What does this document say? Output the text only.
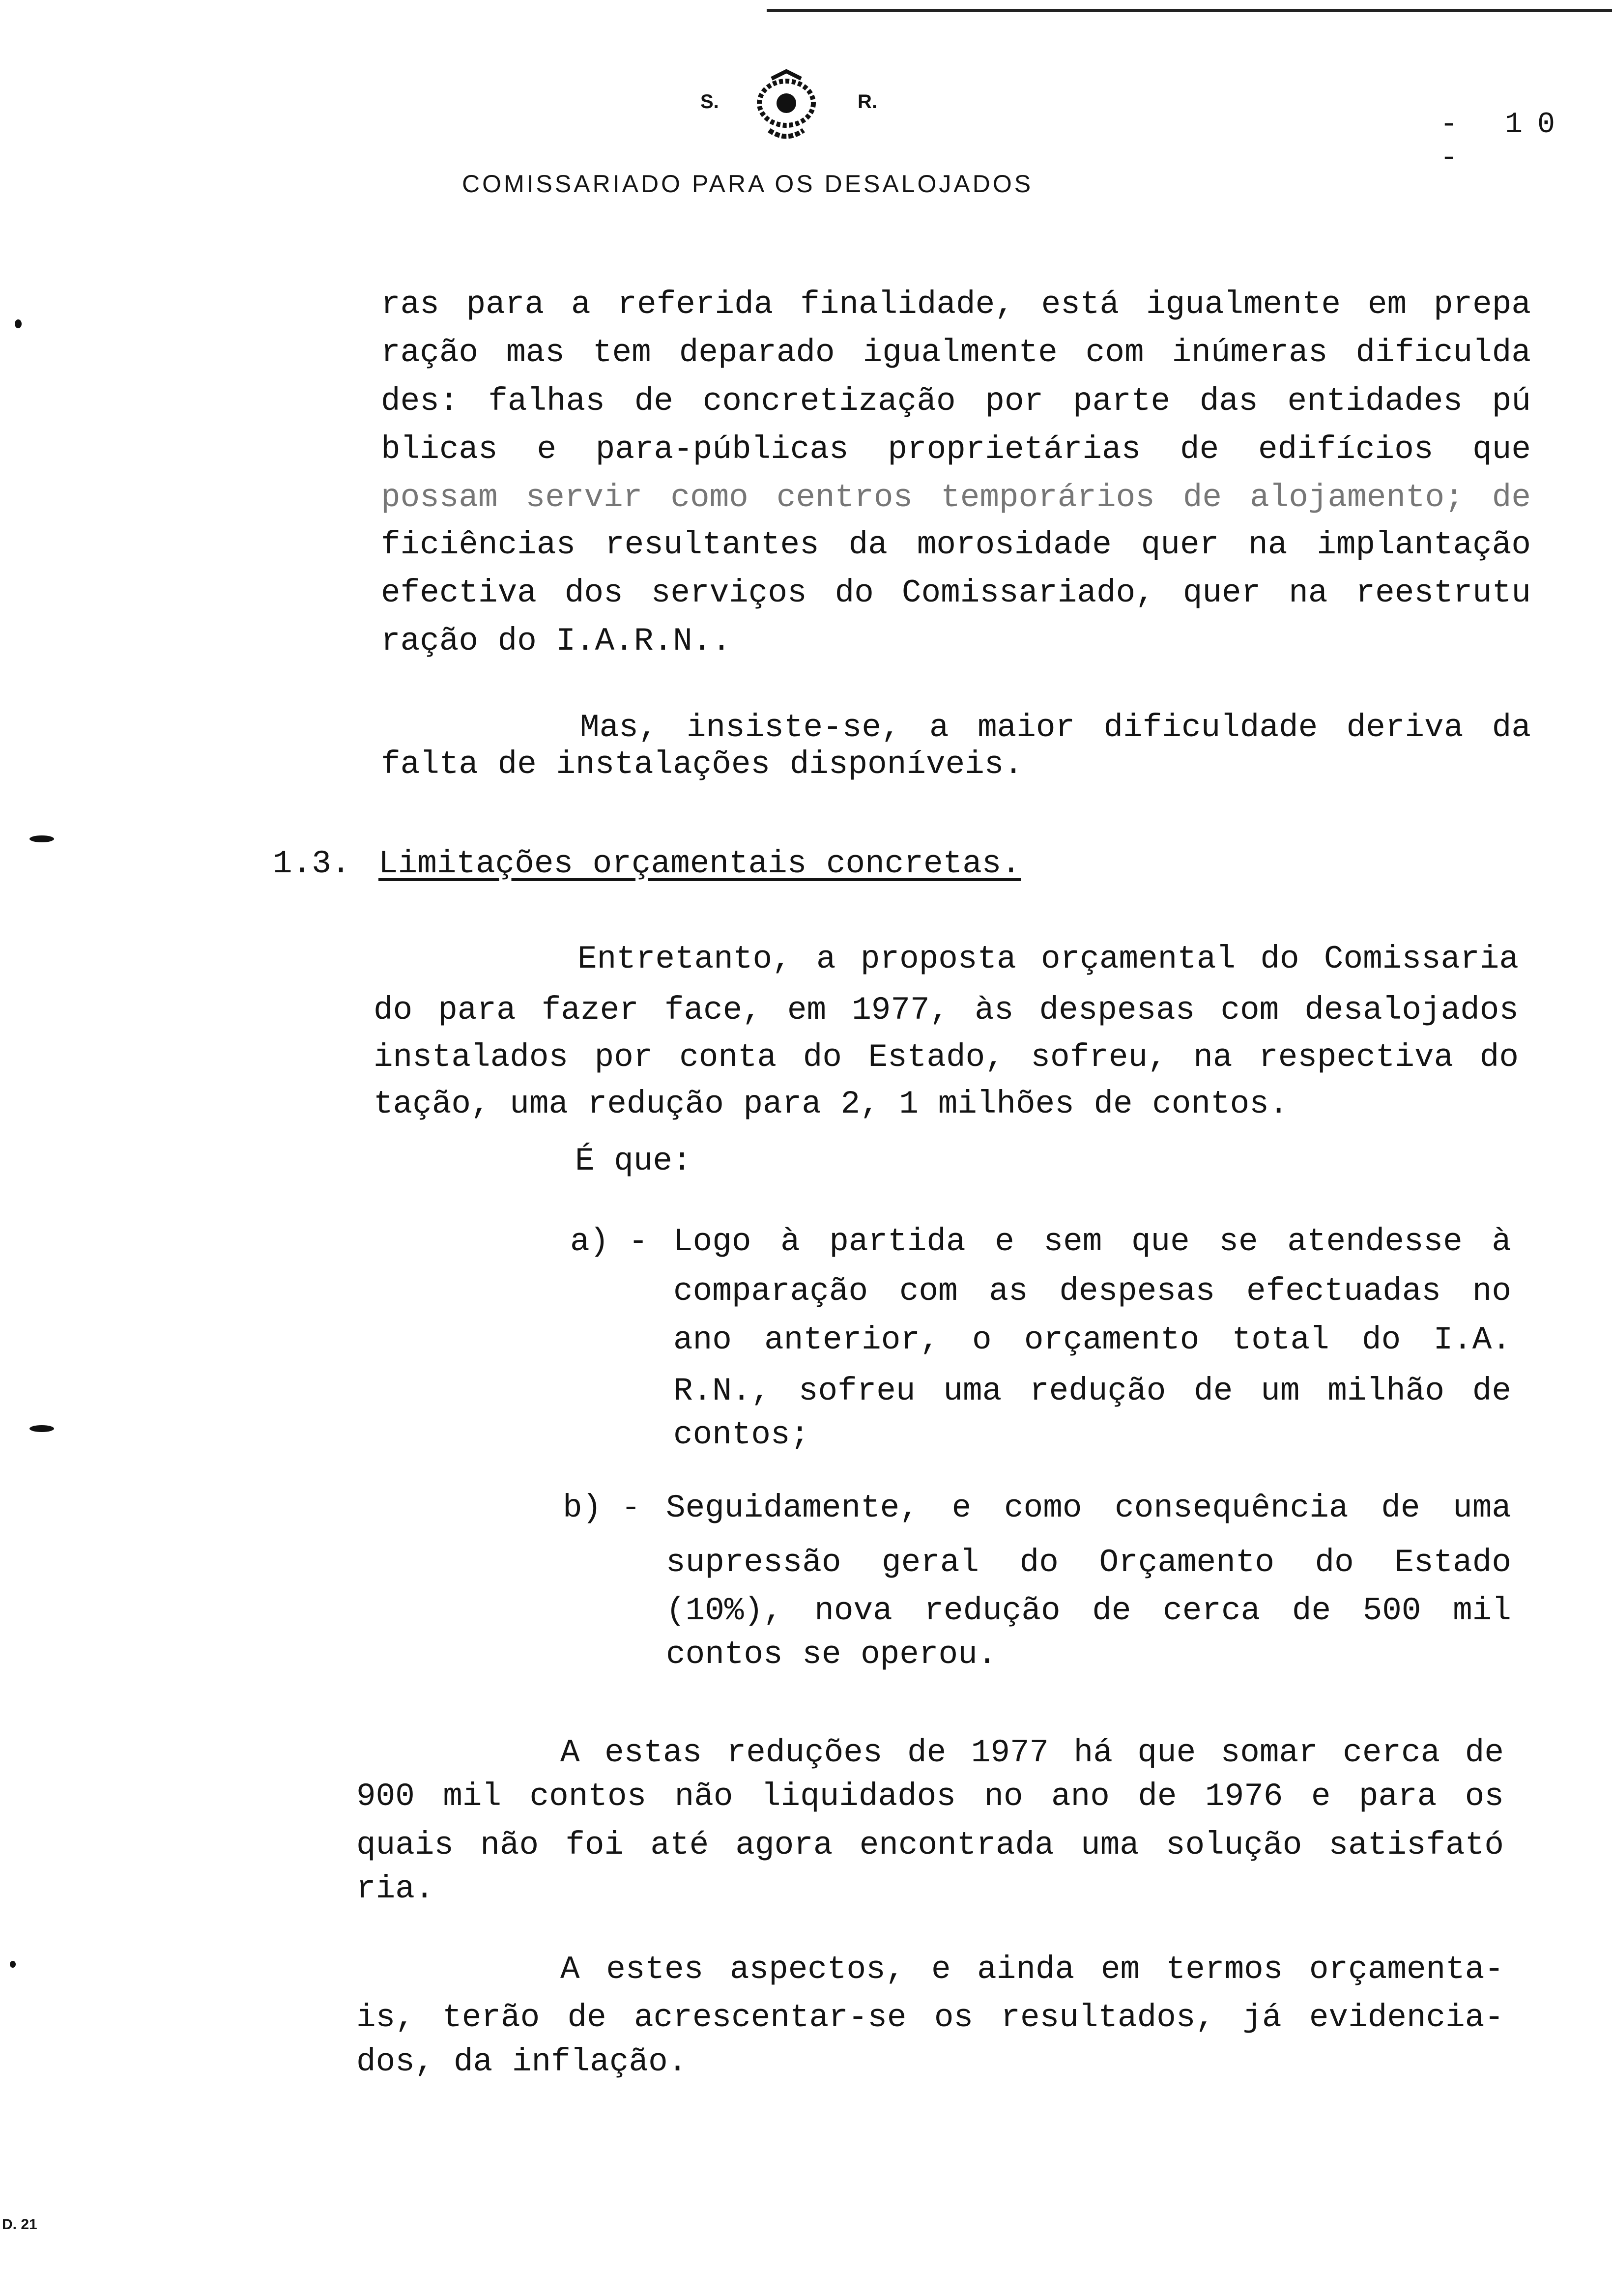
S.	R.
COMISSARIADO PARA OS DESALOJADOS
- 10 -
ras para a referida finalidade, está igualmente em prepa
ração mas tem deparado igualmente com inúmeras dificulda
des: falhas de concretização por parte das entidades pú
blicas e para-públicas proprietárias de edifícios que
possam servir como centros temporários de alojamento; de
ficiências resultantes da morosidade quer na implantação
efectiva dos serviços do Comissariado, quer na reestrutu
ração do I.A.R.N..
Mas, insiste-se, a maior dificuldade deriva da
falta de instalações disponíveis.
a) - Logo à partida e sem que se atendesse à
comparação com as despesas efectuadas no
ano anterior, o orçamento total do I.A.
R.N., sofreu uma redução de um milhão de
contos;
b) - Seguidamente, e como consequência de uma
supressão geral do Orçamento do Estado
(10%), nova redução de cerca de 500 mil
contos se operou.
Entretanto, a proposta orçamental do Comissaria
do para fazer face, em 1977, às despesas com desalojados
instalados por conta do Estado, sofreu, na respectiva do
tação, uma redução para 2, 1 milhões de contos.
É que:
A estas reduções de 1977 há que somar cerca de
900 mil contos não liquidados no ano de 1976 e para os
quais não foi até agora encontrada uma solução satisfató
ria.
A estes aspectos, e ainda em termos orçamenta-
is, terão de acrescentar-se os resultados, já evidencia-
dos, da inflação.
1.3. Limitações orçamentais concretas.
D. 21
